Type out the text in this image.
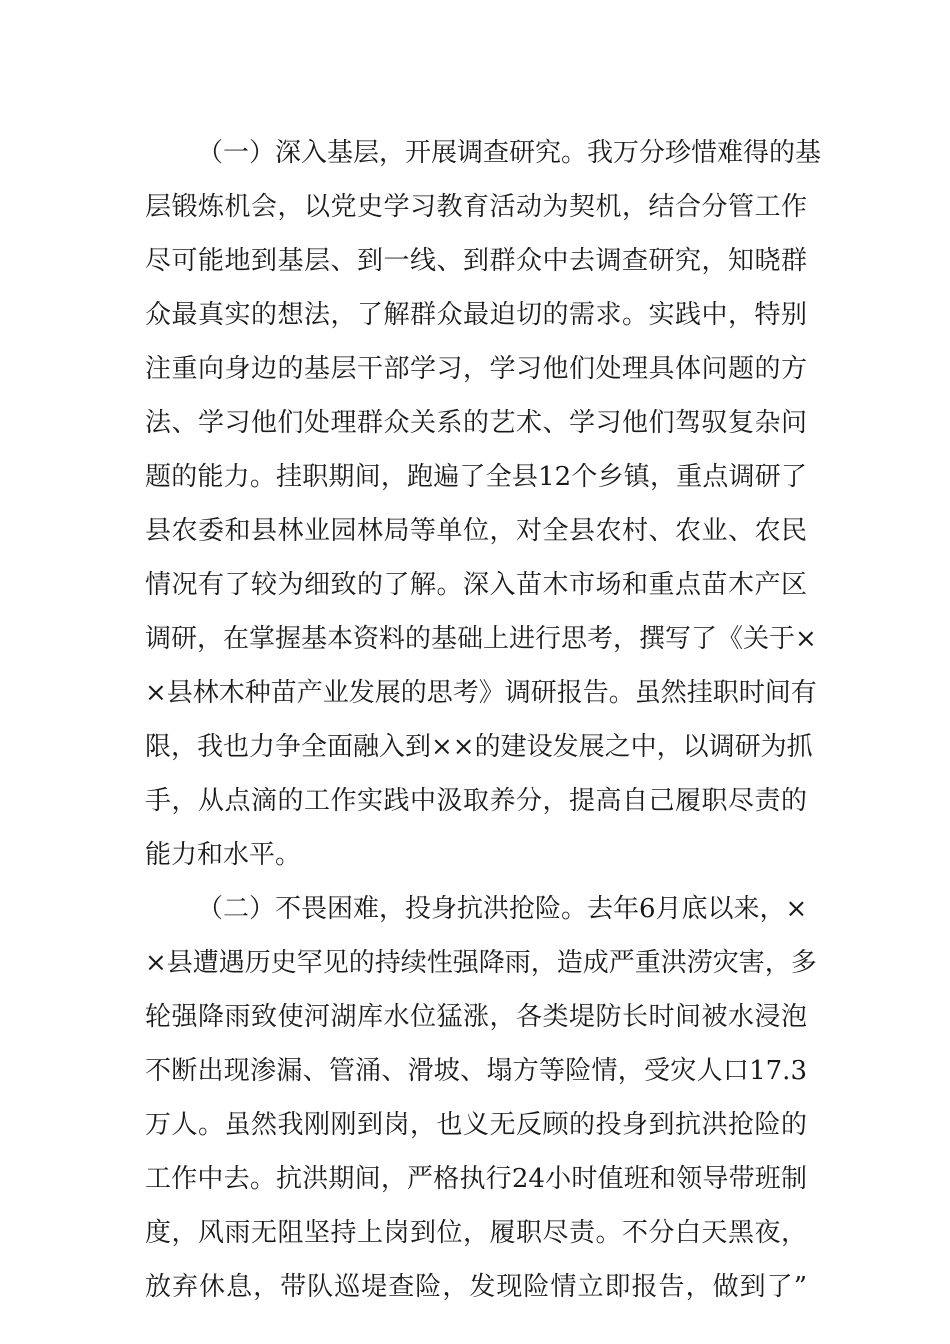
（一）深入基层，开展调查研究。我万分珍惜难得的基
层锻炼机会，以党史学习教育活动为契机，结合分管工作
尽可能地到基层、到一线、到群众中去调查研究，知晓群
众最真实的想法，了解群众最迫切的需求。实践中，特别
注重向身边的基层干部学习，学习他们处理具体问题的方
法、学习他们处理群众关系的艺术、学习他们驾驭复杂问
题的能力。挂职期间，跑遍了全县12个乡镇，重点调研了
县农委和县林业园林局等单位，对全县农村、农业、农民
情况有了较为细致的了解。深入苗木市场和重点苗木产区
调研，在掌握基本资料的基础上进行思考，撰写了《关于×
×县林木种苗产业发展的思考》调研报告。虽然挂职时间有
限，我也力争全面融入到××的建设发展之中，以调研为抓
手，从点滴的工作实践中汲取养分，提高自己履职尽责的
能力和水平。
（二）不畏困难，投身抗洪抢险。去年6月底以来，×
×县遭遇历史罕见的持续性强降雨，造成严重洪涝灾害，多
轮强降雨致使河湖库水位猛涨，各类堤防长时间被水浸泡
不断出现渗漏、管涌、滑坡、塌方等险情，受灾人口17.3
万人。虽然我刚刚到岗，也义无反顾的投身到抗洪抢险的
工作中去。抗洪期间，严格执行24小时值班和领导带班制
度，风雨无阻坚持上岗到位，履职尽责。不分白天黑夜，
放弃休息，带队巡堤查险，发现险情立即报告，做到了”
